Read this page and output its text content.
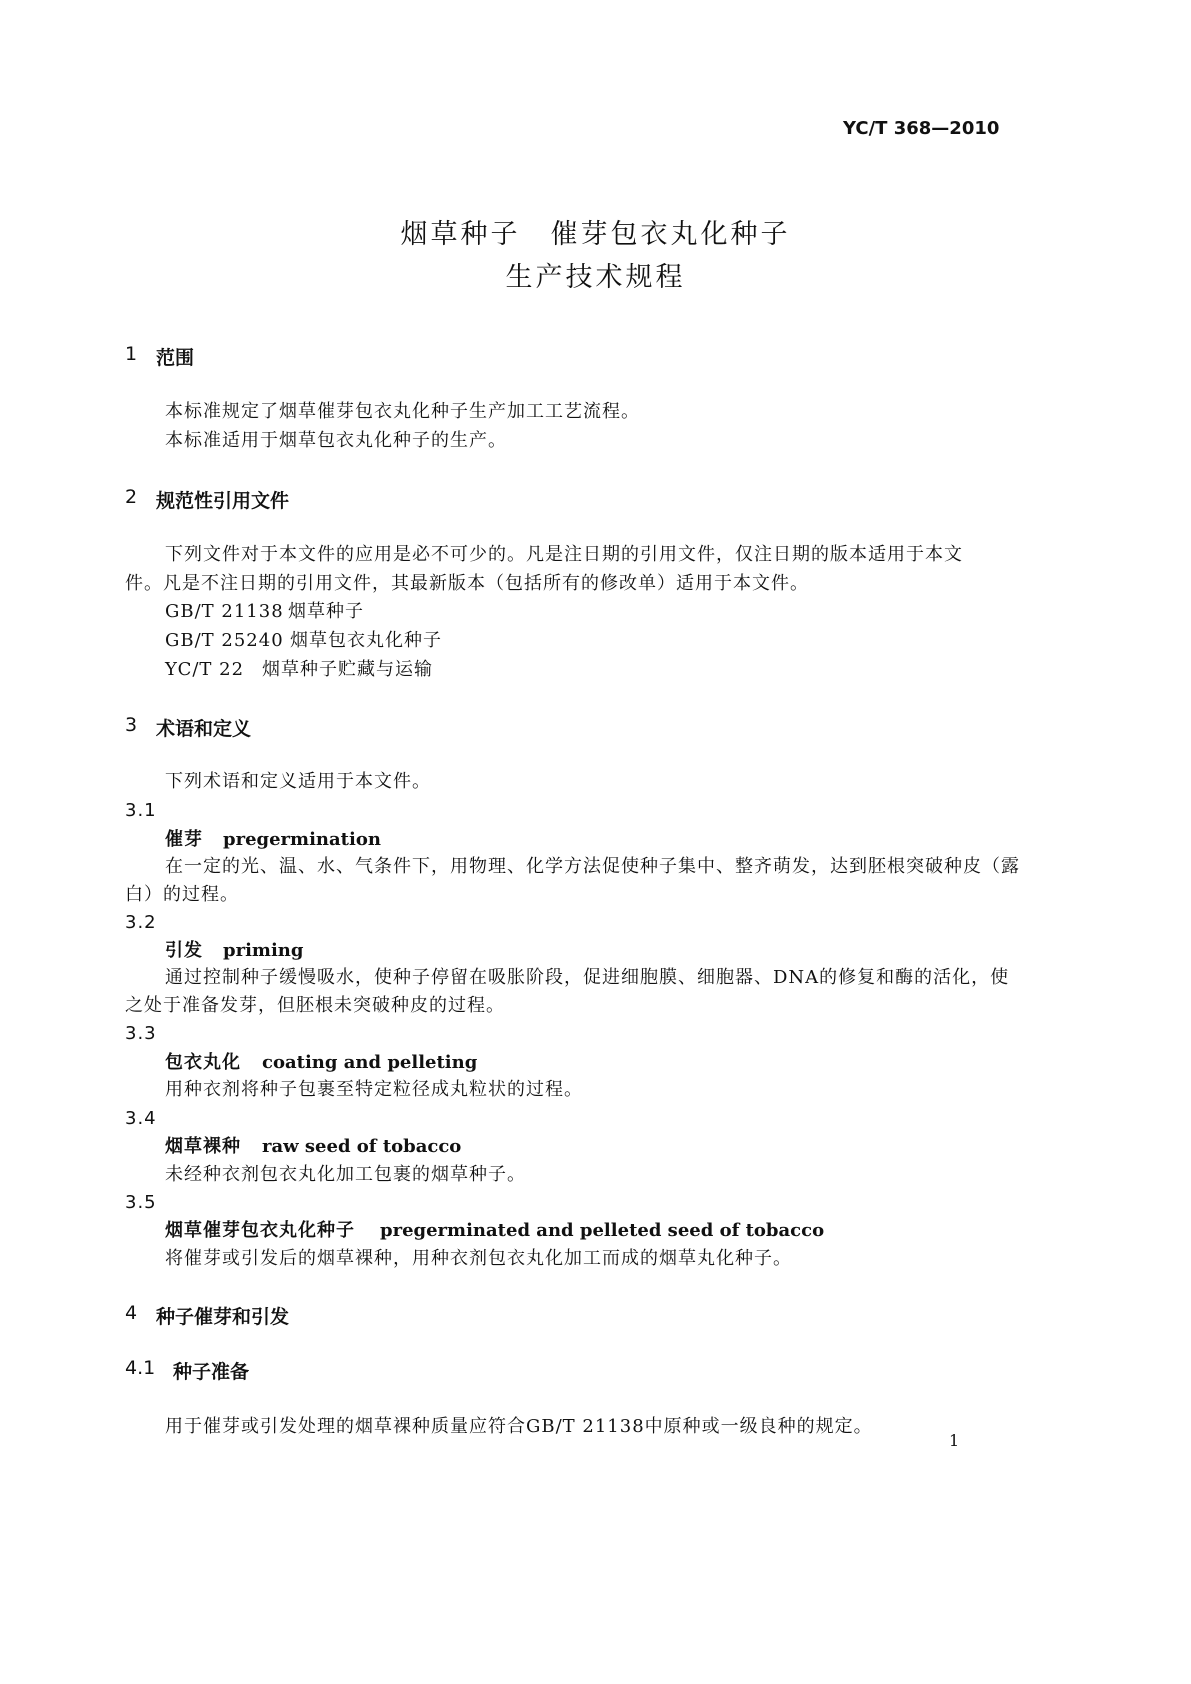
YC/T 368—2010
烟草种子　催芽包衣丸化种子
生产技术规程
1 范围
本标准规定了烟草催芽包衣丸化种子生产加工工艺流程。
本标准适用于烟草包衣丸化种子的生产。
2 规范性引用文件
下列文件对于本文件的应用是必不可少的。凡是注日期的引用文件，仅注日期的版本适用于本文
件。凡是不注日期的引用文件，其最新版本（包括所有的修改单）适用于本文件。
GB/T 21138 烟草种子
GB/T 25240 烟草包衣丸化种子
YC/T 22 烟草种子贮藏与运输
3 术语和定义
下列术语和定义适用于本文件。
3.1
催芽 pregermination
在一定的光、温、水、气条件下，用物理、化学方法促使种子集中、整齐萌发，达到胚根突破种皮（露
白）的过程。
3.2
引发 priming
通过控制种子缓慢吸水，使种子停留在吸胀阶段，促进细胞膜、细胞器、DNA的修复和酶的活化，使
之处于准备发芽，但胚根未突破种皮的过程。
3.3
包衣丸化 coating and pelleting
用种衣剂将种子包裹至特定粒径成丸粒状的过程。
3.4
烟草裸种 raw seed of tobacco
未经种衣剂包衣丸化加工包裹的烟草种子。
3.5
烟草催芽包衣丸化种子 pregerminated and pelleted seed of tobacco
将催芽或引发后的烟草裸种，用种衣剂包衣丸化加工而成的烟草丸化种子。
4 种子催芽和引发
4.1 种子准备
用于催芽或引发处理的烟草裸种质量应符合GB/T 21138中原种或一级良种的规定。
1
